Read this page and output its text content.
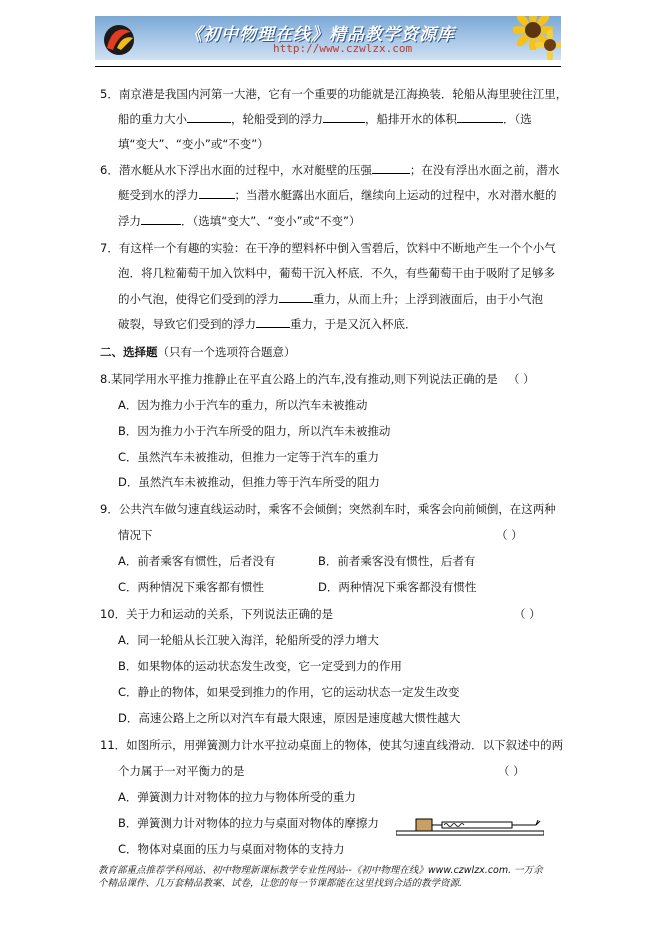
《初中物理在线》精品教学资源库
http://www.czwlzx.com
5．南京港是我国内河第一大港，它有一个重要的功能就是江海换装．轮船从海里驶往江里，
船的重力大小	，轮船受到的浮力	，船排开水的体积	．（选
填“变大”、“变小”或“不变”）
6．潜水艇从水下浮出水面的过程中，水对艇壁的压强	；在没有浮出水面之前，潜水
艇受到水的浮力	；当潜水艇露出水面后，继续向上运动的过程中，水对潜水艇的
浮力	．（选填“变大”、“变小”或“不变”）
7．有这样一个有趣的实验：在干净的塑料杯中倒入雪碧后，饮料中不断地产生一个个小气
泡．将几粒葡萄干加入饮料中，葡萄干沉入杯底．不久，有些葡萄干由于吸附了足够多
的小气泡，使得它们受到的浮力	重力，从而上升；上浮到液面后，由于小气泡
破裂，导致它们受到的浮力	重力，于是又沉入杯底．
二、选择题（只有一个选项符合题意）
8.某同学用水平推力推静止在平直公路上的汽车,没有推动,则下列说法正确的是 （ ）
A．因为推力小于汽车的重力，所以汽车未被推动
B．因为推力小于汽车所受的阻力，所以汽车未被推动
C．虽然汽车未被推动，但推力一定等于汽车的重力
D．虽然汽车未被推动，但推力等于汽车所受的阻力
9．公共汽车做匀速直线运动时，乘客不会倾倒；突然刹车时，乘客会向前倾倒，在这两种
情况下	（ ）
A．前者乘客有惯性，后者没有	B．前者乘客没有惯性，后者有
C．两种情况下乘客都有惯性	D．两种情况下乘客都没有惯性
10．关于力和运动的关系，下列说法正确的是	（ ）
A．同一轮船从长江驶入海洋，轮船所受的浮力增大
B．如果物体的运动状态发生改变，它一定受到力的作用
C．静止的物体，如果受到推力的作用，它的运动状态一定发生改变
D．高速公路上之所以对汽车有最大限速，原因是速度越大惯性越大
11．如图所示，用弹簧测力计水平拉动桌面上的物体，使其匀速直线滑动．以下叙述中的两
个力属于一对平衡力的是	（ ）
A．弹簧测力计对物体的拉力与物体所受的重力
B．弹簧测力计对物体的拉力与桌面对物体的摩擦力
C．物体对桌面的压力与桌面对物体的支持力
教育部重点推荐学科网站、初中物理新课标教学专业性网站--《初中物理在线》www.czwlzx.com. 一万余
个精品课件、几万套精品教案、试卷，让您的每一节课都能在这里找到合适的教学资源.
